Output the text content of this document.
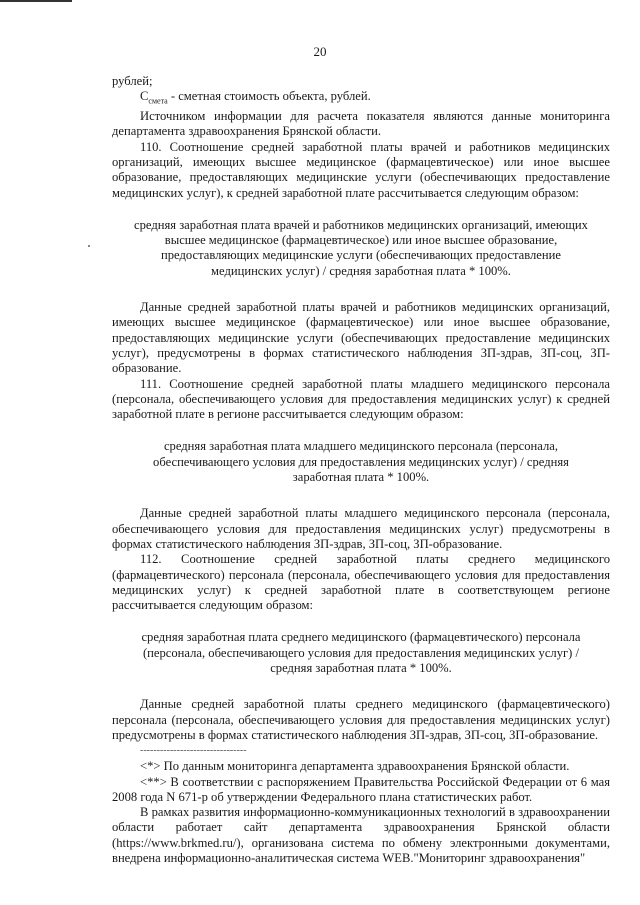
20

рублей;

$С_{смета}$ - сметная стоимость объекта, рублей.

Источником информации для расчета показателя являются данные мониторинга департамента здравоохранения Брянской области.

110. Соотношение средней заработной платы врачей и работников медицинских организаций, имеющих высшее медицинское (фармацевтическое) или иное высшее образование, предоставляющих медицинские услуги (обеспечивающих предоставление медицинских услуг), к средней заработной плате рассчитывается следующим образом:

средняя заработная плата врачей и работников медицинских организаций, имеющих высшее медицинское (фармацевтическое) или иное высшее образование, предоставляющих медицинские услуги (обеспечивающих предоставление медицинских услуг) / средняя заработная плата * 100%.

Данные средней заработной платы врачей и работников медицинских организаций, имеющих высшее медицинское (фармацевтическое) или иное высшее образование, предоставляющих медицинские услуги (обеспечивающих предоставление медицинских услуг), предусмотрены в формах статистического наблюдения ЗП-здрав, ЗП-соц, ЗП-образование.

111. Соотношение средней заработной платы младшего медицинского персонала (персонала, обеспечивающего условия для предоставления медицинских услуг) к средней заработной плате в регионе рассчитывается следующим образом:

средняя заработная плата младшего медицинского персонала (персонала, обеспечивающего условия для предоставления медицинских услуг) / средняя заработная плата * 100%.

Данные средней заработной платы младшего медицинского персонала (персонала, обеспечивающего условия для предоставления медицинских услуг) предусмотрены в формах статистического наблюдения ЗП-здрав, ЗП-соц, ЗП-образование.

112. Соотношение средней заработной платы среднего медицинского (фармацевтического) персонала (персонала, обеспечивающего условия для предоставления медицинских услуг) к средней заработной плате в соответствующем регионе рассчитывается следующим образом:

средняя заработная плата среднего медицинского (фармацевтического) персонала (персонала, обеспечивающего условия для предоставления медицинских услуг) / средняя заработная плата * 100%.

Данные средней заработной платы среднего медицинского (фармацевтического) персонала (персонала, обеспечивающего условия для предоставления медицинских услуг) предусмотрены в формах статистического наблюдения ЗП-здрав, ЗП-соц, ЗП-образование.

--------------------------------

<*> По данным мониторинга департамента здравоохранения Брянской области.

<**> В соответствии с распоряжением Правительства Российской Федерации от 6 мая 2008 года N 671-р об утверждении Федерального плана статистических работ.

В рамках развития информационно-коммуникационных технологий в здравоохранении области работает сайт департамента здравоохранения Брянской области (https://www.brkmed.ru/), организована система по обмену электронными документами, внедрена информационно-аналитическая система WEB."Мониторинг здравоохранения"
